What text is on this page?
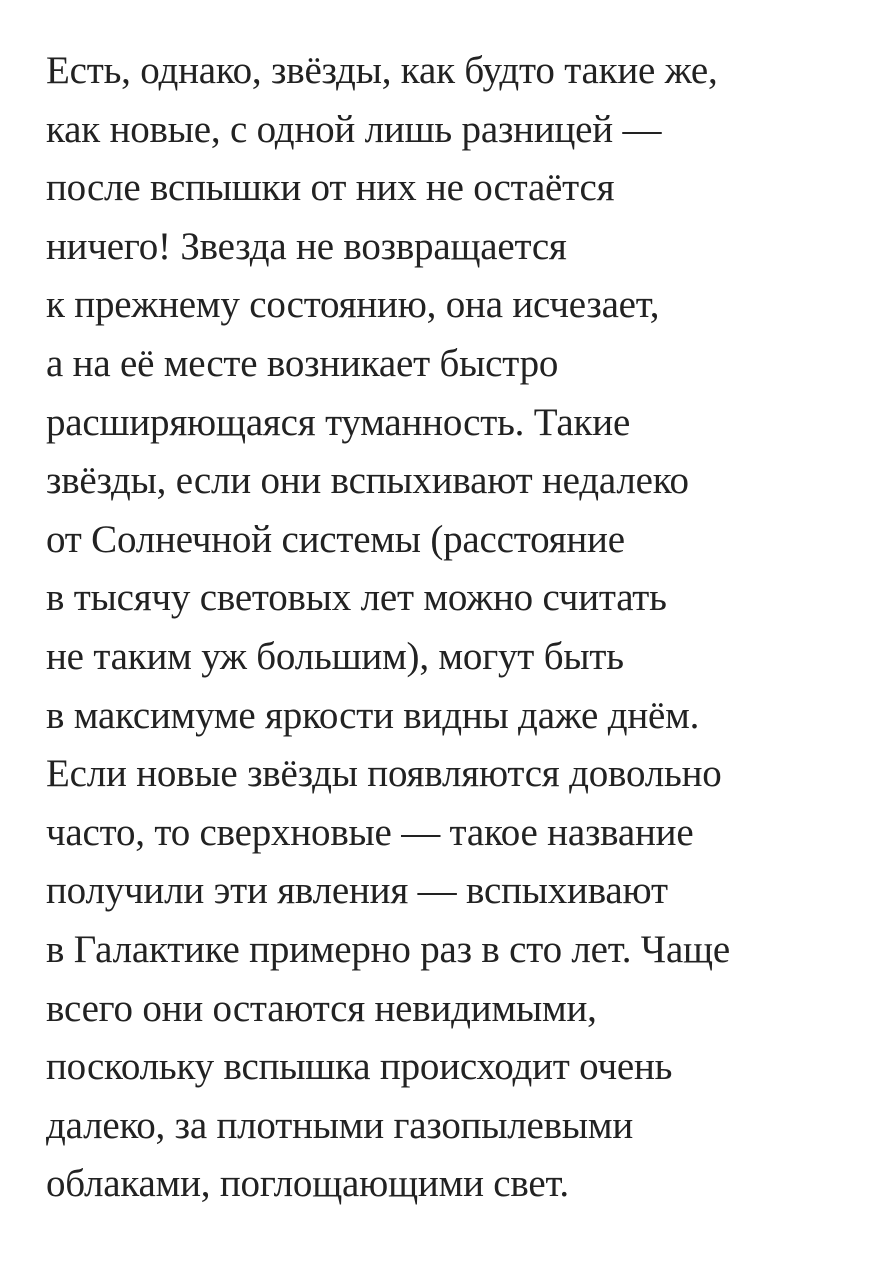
Есть, однако, звёзды, как будто такие же,
как новые, с одной лишь разницей —
после вспышки от них не остаётся
ничего! Звезда не возвращается
к прежнему состоянию, она исчезает,
а на её месте возникает быстро
расширяющаяся туманность. Такие
звёзды, если они вспыхивают недалеко
от Солнечной системы (расстояние
в тысячу световых лет можно считать
не таким уж большим), могут быть
в максимуме яркости видны даже днём.
Если новые звёзды появляются довольно
часто, то сверхновые — такое название
получили эти явления — вспыхивают
в Галактике примерно раз в сто лет. Чаще
всего они остаются невидимыми,
поскольку вспышка происходит очень
далеко, за плотными газопылевыми
облаками, поглощающими свет.
